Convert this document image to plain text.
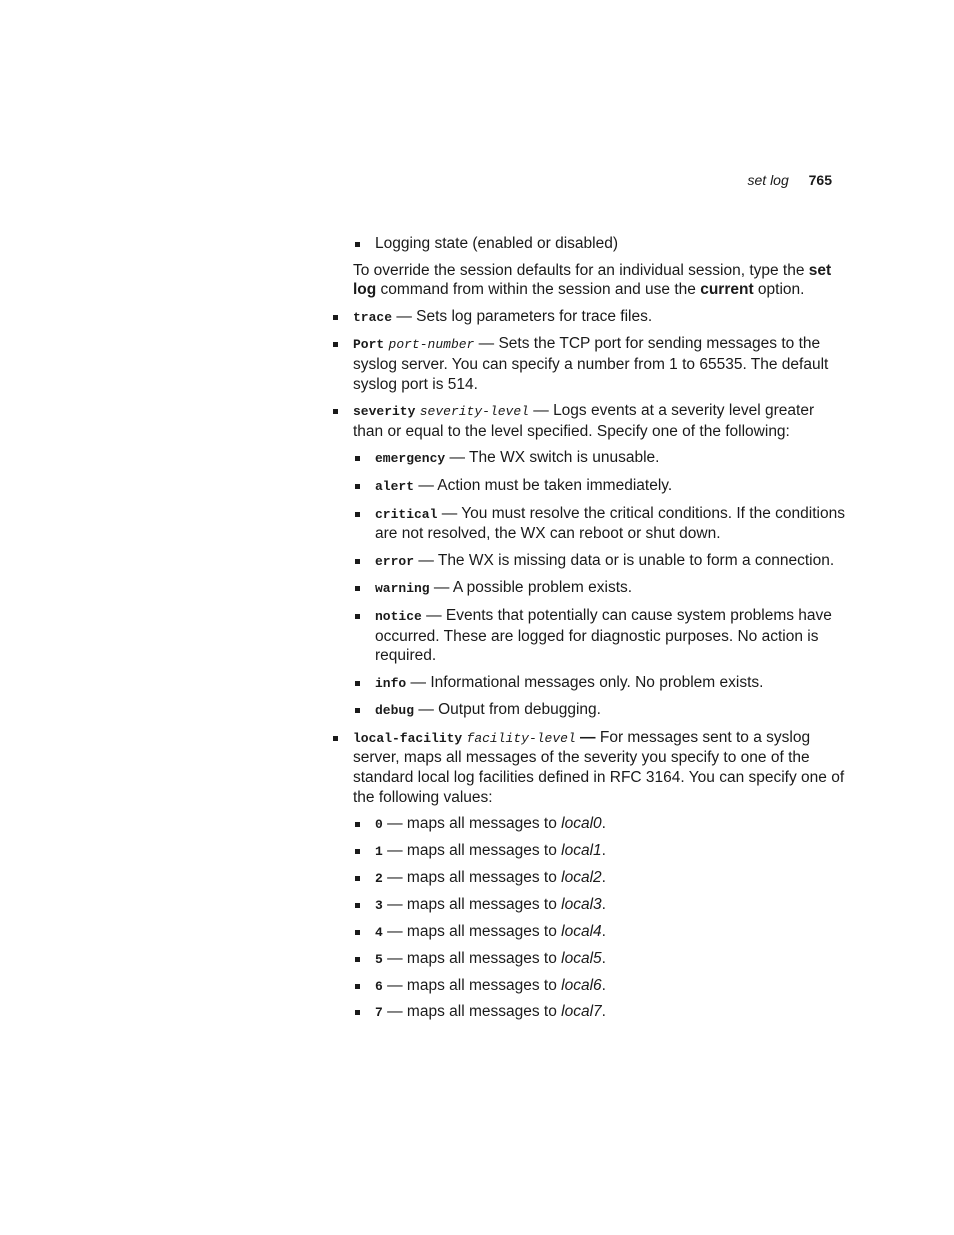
set log 765
Logging state (enabled or disabled)
To override the session defaults for an individual session, type the set log command from within the session and use the current option.
trace — Sets log parameters for trace files.
Port port-number — Sets the TCP port for sending messages to the syslog server. You can specify a number from 1 to 65535. The default syslog port is 514.
severity severity-level — Logs events at a severity level greater than or equal to the level specified. Specify one of the following:
emergency — The WX switch is unusable.
alert — Action must be taken immediately.
critical — You must resolve the critical conditions. If the conditions are not resolved, the WX can reboot or shut down.
error — The WX is missing data or is unable to form a connection.
warning — A possible problem exists.
notice — Events that potentially can cause system problems have occurred. These are logged for diagnostic purposes. No action is required.
info — Informational messages only. No problem exists.
debug — Output from debugging.
local-facility facility-level — For messages sent to a syslog server, maps all messages of the severity you specify to one of the standard local log facilities defined in RFC 3164. You can specify one of the following values:
0 — maps all messages to local0.
1 — maps all messages to local1.
2 — maps all messages to local2.
3 — maps all messages to local3.
4 — maps all messages to local4.
5 — maps all messages to local5.
6 — maps all messages to local6.
7 — maps all messages to local7.
